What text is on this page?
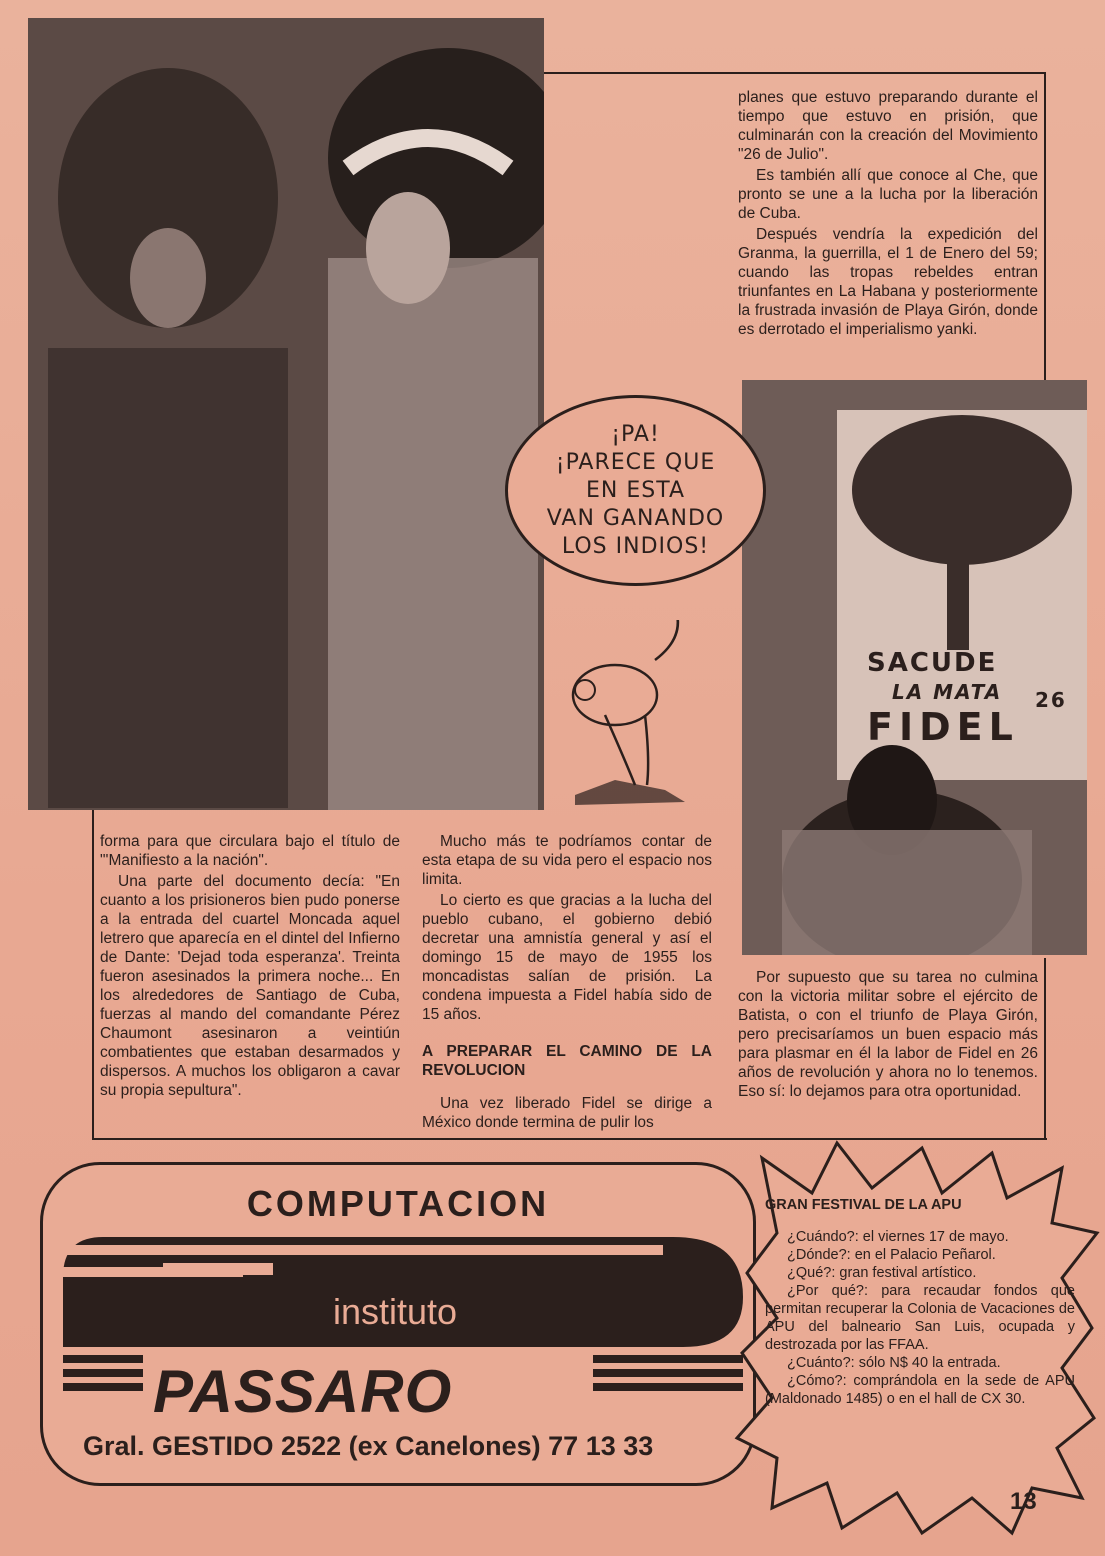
planes que estuvo preparando durante el tiempo que estuvo en prisión, que culminarán con la creación del Movimiento "26 de Julio".

Es también allí que conoce al Che, que pronto se une a la lucha por la liberación de Cuba.

Después vendría la expedición del Granma, la guerrilla, el 1 de Enero del 59; cuando las tropas rebeldes entran triunfantes en La Habana y posteriormente la frustrada invasión de Playa Girón, donde es derrotado el imperialismo yanki.

SACUDE
LA MATA 26
FIDEL
¡PA!
¡PARECE QUE
EN ESTA
VAN GANANDO
LOS INDIOS!

forma para que circulara bajo el título de "'Manifiesto a la nación".

Una parte del documento decía: "En cuanto a los prisioneros bien pudo ponerse a la entrada del cuartel Moncada aquel letrero que aparecía en el dintel del Infierno de Dante: 'Dejad toda esperanza'. Treinta fueron asesinados la primera noche... En los alrededores de Santiago de Cuba, fuerzas al mando del comandante Pérez Chaumont asesinaron a veintiún combatientes que estaban desarmados y dispersos. A muchos los obligaron a cavar su propia sepultura".

Mucho más te podríamos contar de esta etapa de su vida pero el espacio nos limita.

Lo cierto es que gracias a la lucha del pueblo cubano, el gobierno debió decretar una amnistía general y así el domingo 15 de mayo de 1955 los moncadistas salían de prisión. La condena impuesta a Fidel había sido de 15 años.

A PREPARAR EL CAMINO DE LA REVOLUCION

Una vez liberado Fidel se dirige a México donde termina de pulir los

Por supuesto que su tarea no culmina con la victoria militar sobre el ejército de Batista, o con el triunfo de Playa Girón, pero precisaríamos un buen espacio más para plasmar en él la labor de Fidel en 26 años de revolución y ahora no lo tenemos. Eso sí: lo dejamos para otra oportunidad.

COMPUTACION
instituto
PASSARO
Gral. GESTIDO 2522 (ex Canelones) 77 13 33
GRAN FESTIVAL DE LA APU

¿Cuándo?: el viernes 17 de mayo.

¿Dónde?: en el Palacio Peñarol.

¿Qué?: gran festival artístico.

¿Por qué?: para recaudar fondos que permitan recuperar la Colonia de Vacaciones de APU del balneario San Luis, ocupada y destrozada por las FFAA.

¿Cuánto?: sólo N$ 40 la entrada.

¿Cómo?: comprándola en la sede de APU (Maldonado 1485) o en el hall de CX 30.

13
